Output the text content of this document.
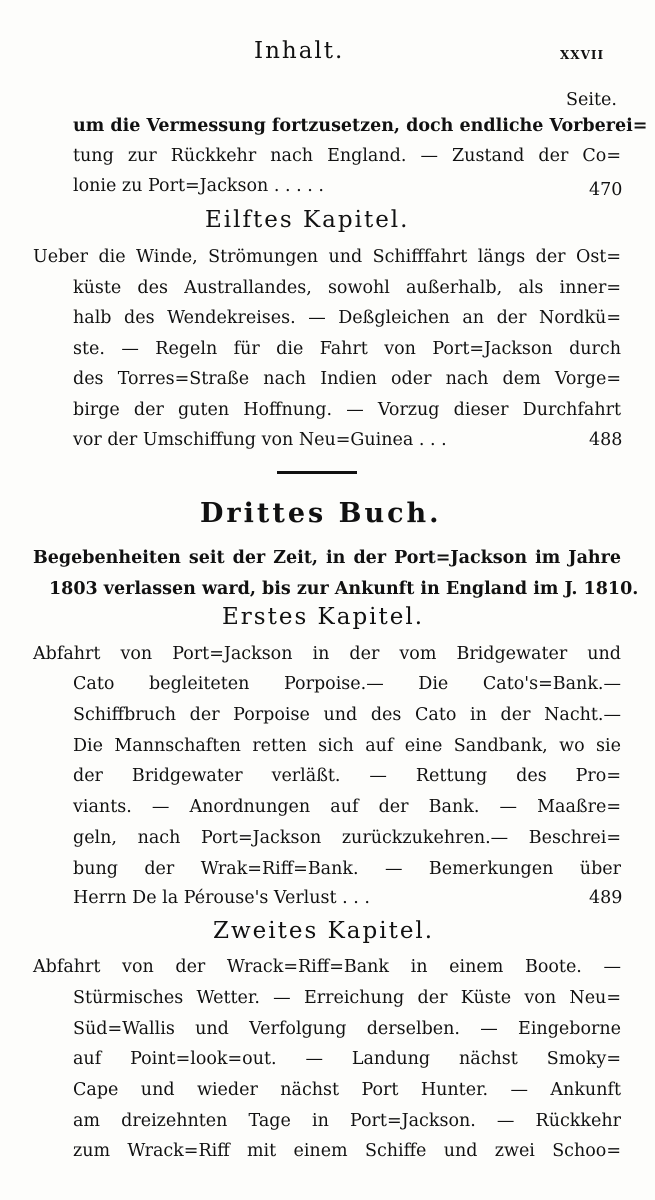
Inhalt.	xxvii
Seite.
um die Vermessung fortzusetzen, doch endliche Vorberei=
tung zur Rückkehr nach England. — Zustand der Co=
lonie zu Port=Jackson . . . . .	470
Eilftes Kapitel.
Ueber die Winde, Strömungen und Schifffahrt längs der Ost=
küste des Australlandes, sowohl außerhalb, als inner=
halb des Wendekreises. — Deßgleichen an der Nordkü=
ste. — Regeln für die Fahrt von Port=Jackson durch
des Torres=Straße nach Indien oder nach dem Vorge=
birge der guten Hoffnung. — Vorzug dieser Durchfahrt
vor der Umschiffung von Neu=Guinea . . .	488
Drittes Buch.
Begebenheiten seit der Zeit, in der Port=Jackson im Jahre
1803 verlassen ward, bis zur Ankunft in England im J. 1810.
Erstes Kapitel.
Abfahrt von Port=Jackson in der vom Bridgewater und
Cato begleiteten Porpoise.— Die Cato's=Bank.—
Schiffbruch der Porpoise und des Cato in der Nacht.—
Die Mannschaften retten sich auf eine Sandbank, wo sie
der Bridgewater verläßt. — Rettung des Pro=
viants. — Anordnungen auf der Bank. — Maaßre=
geln, nach Port=Jackson zurückzukehren.— Beschrei=
bung der Wrak=Riff=Bank. — Bemerkungen über
Herrn De la Pérouse's Verlust . . .	489
Zweites Kapitel.
Abfahrt von der Wrack=Riff=Bank in einem Boote. —
Stürmisches Wetter. — Erreichung der Küste von Neu=
Süd=Wallis und Verfolgung derselben. — Eingeborne
auf Point=look=out. — Landung nächst Smoky=
Cape und wieder nächst Port Hunter. — Ankunft
am dreizehnten Tage in Port=Jackson. — Rückkehr
zum Wrack=Riff mit einem Schiffe und zwei Schoo=
